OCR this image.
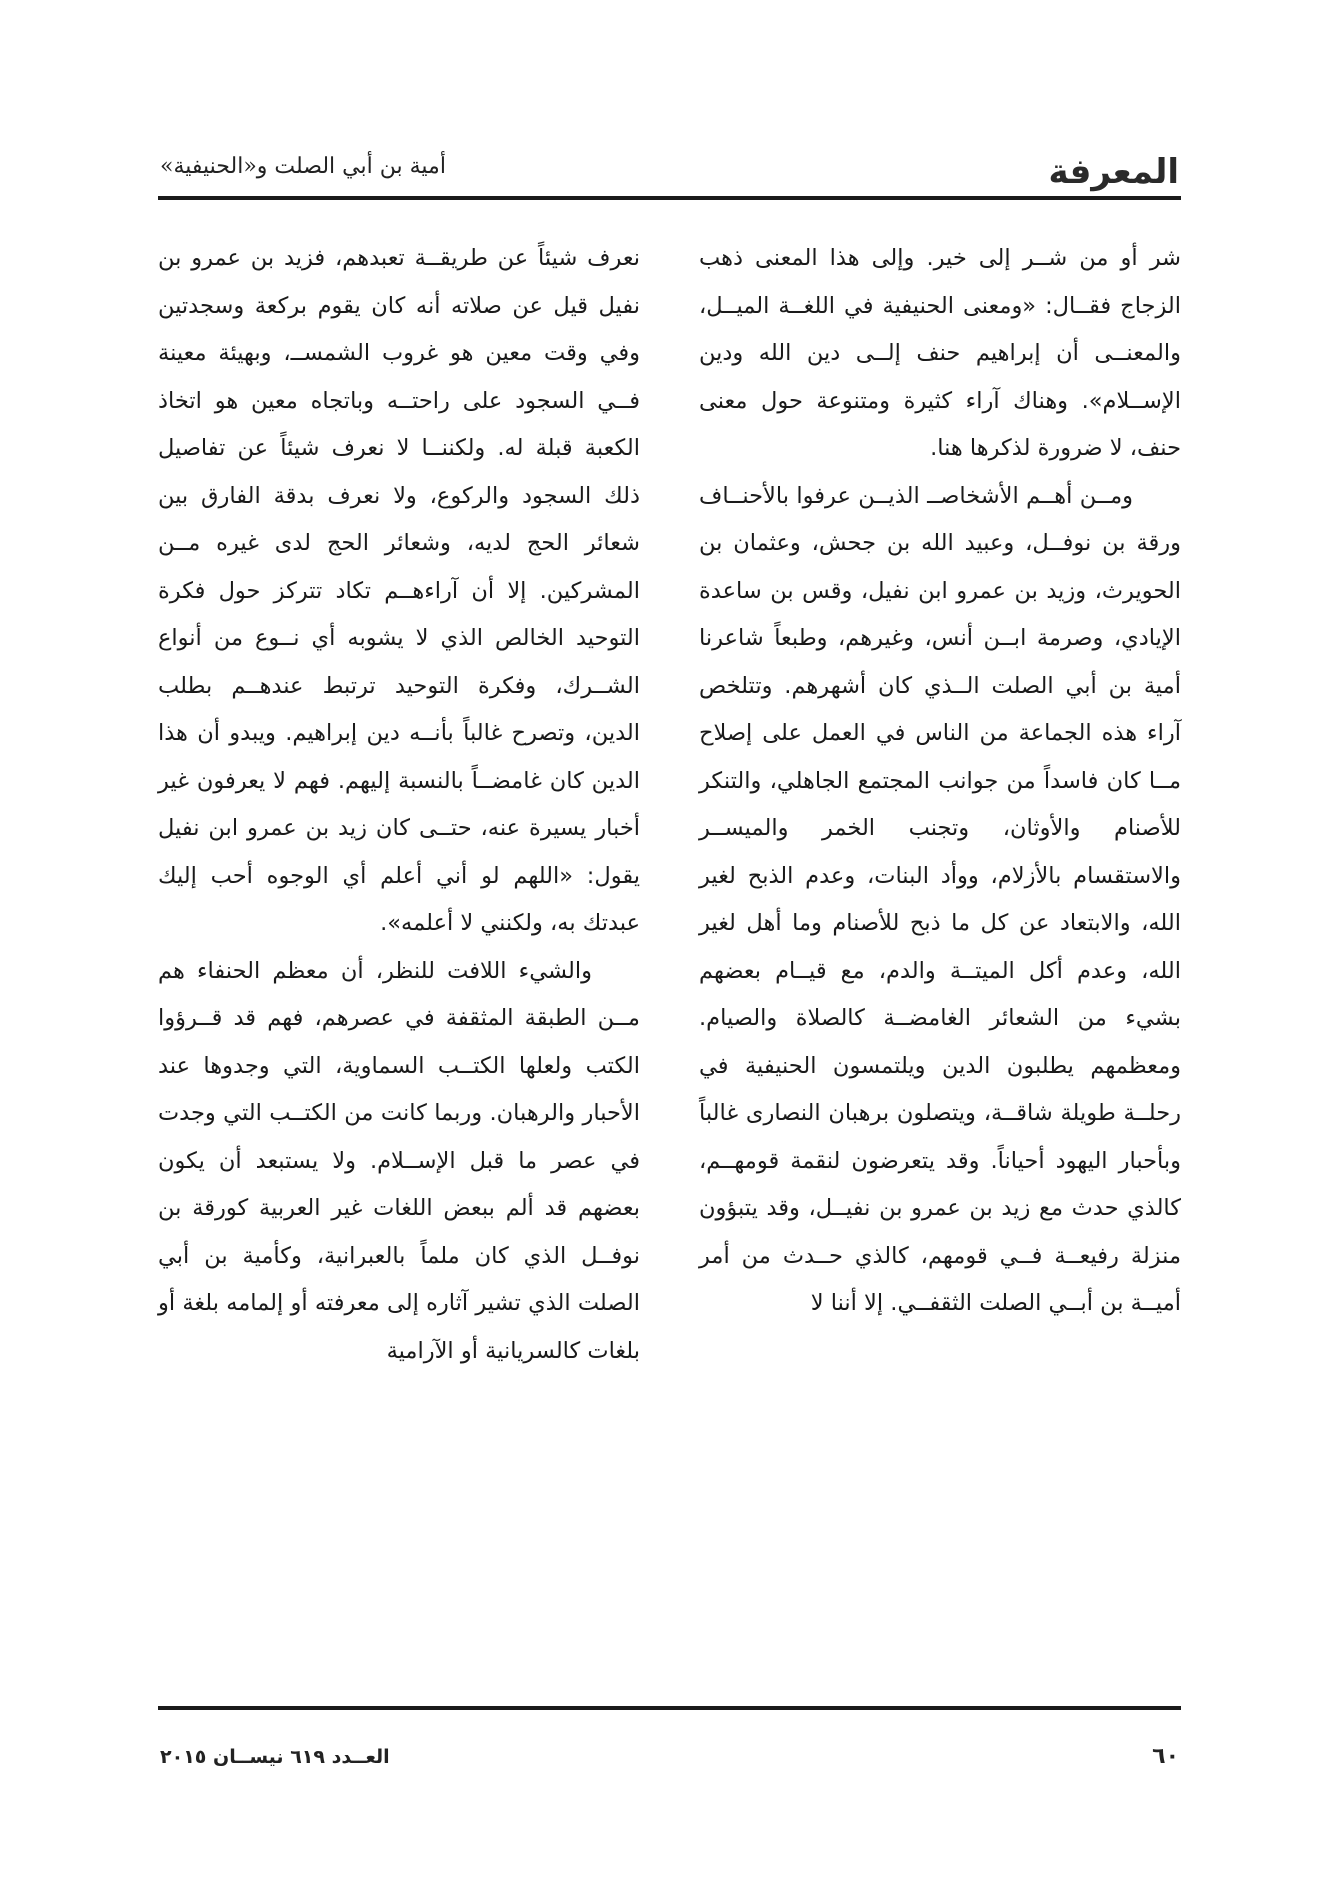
المعرفة
أمية بن أبي الصلت و«الحنيفية»

شر أو من شــر إلى خير. وإلى هذا المعنى ذهب الزجاج فقــال: «ومعنى الحنيفية في اللغــة الميــل، والمعنــى أن إبراهيم حنف إلــى دين الله ودين الإســلام». وهناك آراء كثيرة ومتنوعة حول معنى حنف، لا ضرورة لذكرها هنا.

ومــن أهــم الأشخاصــ الذيــن عرفوا بالأحنــاف ورقة بن نوفــل، وعبيد الله بن جحش، وعثمان بن الحويرث، وزيد بن عمرو ابن نفيل، وقس بن ساعدة الإيادي، وصرمة ابــن أنس، وغيرهم، وطبعاً شاعرنا أمية بن أبي الصلت الــذي كان أشهرهم. وتتلخص آراء هذه الجماعة من الناس في العمل على إصلاح مــا كان فاسداً من جوانب المجتمع الجاهلي، والتنكر للأصنام والأوثان، وتجنب الخمر والميســر والاستقسام بالأزلام، ووأد البنات، وعدم الذبح لغير الله، والابتعاد عن كل ما ذبح للأصنام وما أهل لغير الله، وعدم أكل الميتــة والدم، مع قيــام بعضهم بشيء من الشعائر الغامضــة كالصلاة والصيام. ومعظمهم يطلبون الدين ويلتمسون الحنيفية في رحلــة طويلة شاقــة، ويتصلون برهبان النصارى غالباً وبأحبار اليهود أحياناً. وقد يتعرضون لنقمة قومهــم، كالذي حدث مع زيد بن عمرو بن نفيــل، وقد يتبؤون منزلة رفيعــة فــي قومهم، كالذي حــدث من أمر أميــة بن أبــي الصلت الثقفــي. إلا أننا لا

نعرف شيئاً عن طريقــة تعبدهم، فزيد بن عمرو بن نفيل قيل عن صلاته أنه كان يقوم بركعة وسجدتين وفي وقت معين هو غروب الشمســ، وبهيئة معينة فــي السجود على راحتــه وباتجاه معين هو اتخاذ الكعبة قبلة له. ولكننــا لا نعرف شيئاً عن تفاصيل ذلك السجود والركوع، ولا نعرف بدقة الفارق بين شعائر الحج لديه، وشعائر الحج لدى غيره مــن المشركين. إلا أن آراءهــم تكاد تتركز حول فكرة التوحيد الخالص الذي لا يشوبه أي نــوع من أنواع الشــرك، وفكرة التوحيد ترتبط عندهــم بطلب الدين، وتصرح غالباً بأنــه دين إبراهيم. ويبدو أن هذا الدين كان غامضــاً بالنسبة إليهم. فهم لا يعرفون غير أخبار يسيرة عنه، حتــى كان زيد بن عمرو ابن نفيل يقول: «اللهم لو أني أعلم أي الوجوه أحب إليك عبدتك به، ولكنني لا أعلمه».

والشيء اللافت للنظر، أن معظم الحنفاء هم مــن الطبقة المثقفة في عصرهم، فهم قد قــرؤوا الكتب ولعلها الكتــب السماوية، التي وجدوها عند الأحبار والرهبان. وربما كانت من الكتــب التي وجدت في عصر ما قبل الإســلام. ولا يستبعد أن يكون بعضهم قد ألم ببعض اللغات غير العربية كورقة بن نوفــل الذي كان ملماً بالعبرانية، وكأمية بن أبي الصلت الذي تشير آثاره إلى معرفته أو إلمامه بلغة أو بلغات كالسريانية أو الآرامية

العــدد ٦١٩ نيســان ٢٠١٥	٦٠
